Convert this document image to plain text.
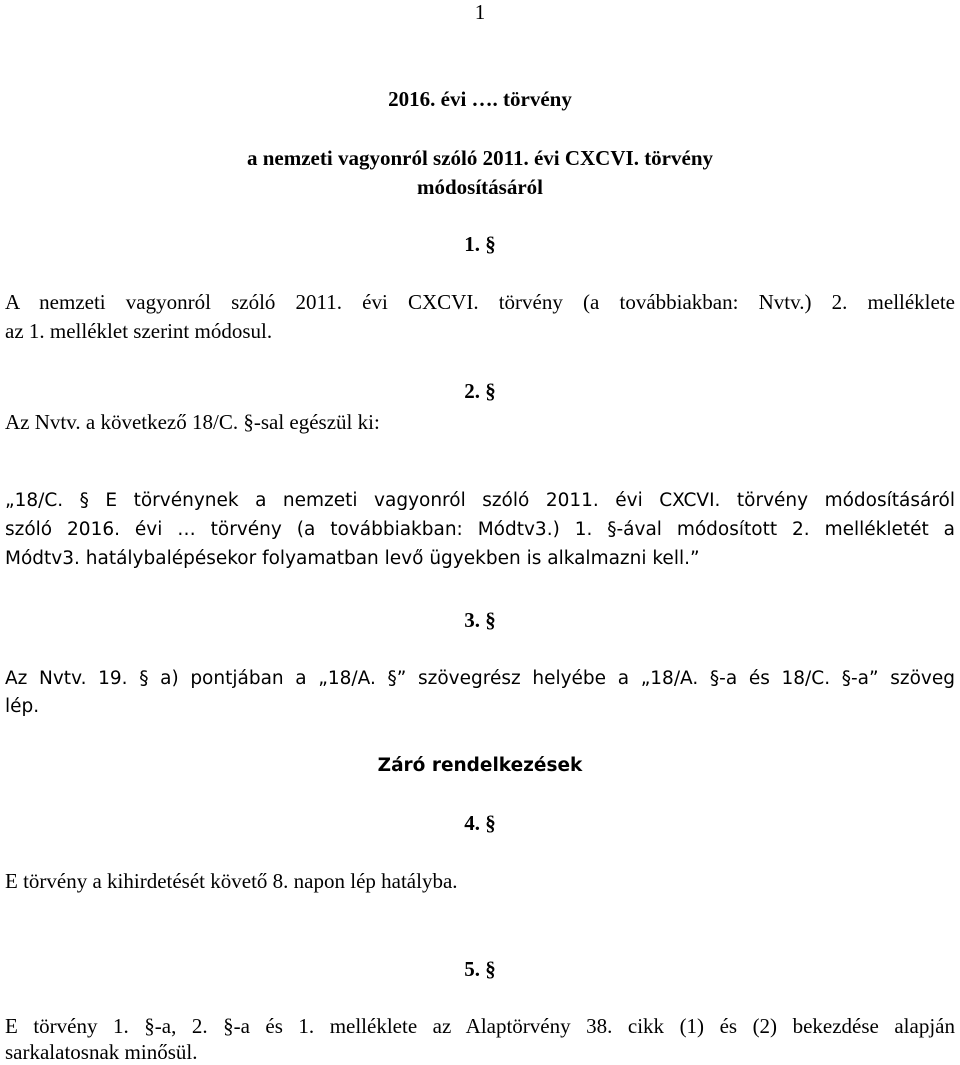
1
2016. évi …. törvény
a nemzeti vagyonról szóló 2011. évi CXCVI. törvény
módosításáról
1. §
A nemzeti vagyonról szóló 2011. évi CXCVI. törvény (a továbbiakban: Nvtv.) 2. melléklete
az 1. melléklet szerint módosul.
2. §
Az Nvtv. a következő 18/C. §-sal egészül ki:
„18/C. § E törvénynek a nemzeti vagyonról szóló 2011. évi CXCVI. törvény módosításáról
szóló 2016. évi … törvény (a továbbiakban: Módtv3.) 1. §-ával módosított 2. mellékletét a
Módtv3. hatálybalépésekor folyamatban levő ügyekben is alkalmazni kell.”
3. §
Az Nvtv. 19. § a) pontjában a „18/A. §” szövegrész helyébe a „18/A. §-a és 18/C. §-a” szöveg
lép.
Záró rendelkezések
4. §
E törvény a kihirdetését követő 8. napon lép hatályba.
5. §
E törvény 1. §-a, 2. §-a és 1. melléklete az Alaptörvény 38. cikk (1) és (2) bekezdése alapján
sarkalatosnak minősül.
